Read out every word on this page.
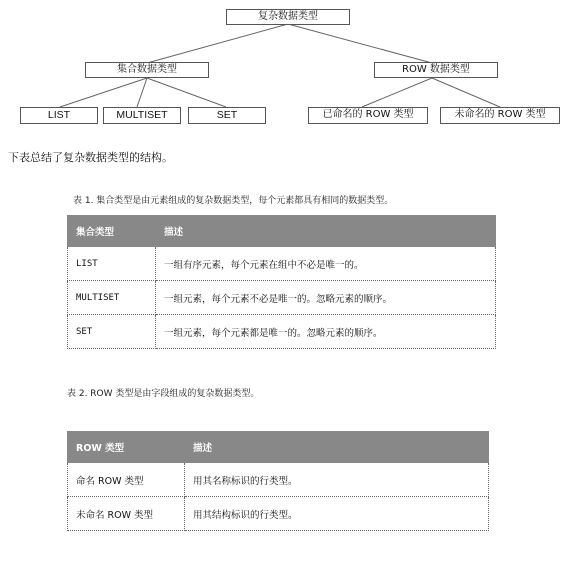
复杂数据类型
集合数据类型	ROW 数据类型
LIST	MULTISET	SET	已命名的 ROW 类型	未命名的 ROW 类型
下表总结了复杂数据类型的结构。
表 1. 集合类型是由元素组成的复杂数据类型，每个元素都具有相同的数据类型。
集合类型	描述
LIST	一组有序元素，每个元素在组中不必是唯一的。
MULTISET	一组元素，每个元素不必是唯一的。忽略元素的顺序。
SET	一组元素，每个元素都是唯一的。忽略元素的顺序。
表 2. ROW 类型是由字段组成的复杂数据类型。
ROW 类型	描述
命名 ROW 类型	用其名称标识的行类型。
未命名 ROW 类型	用其结构标识的行类型。
